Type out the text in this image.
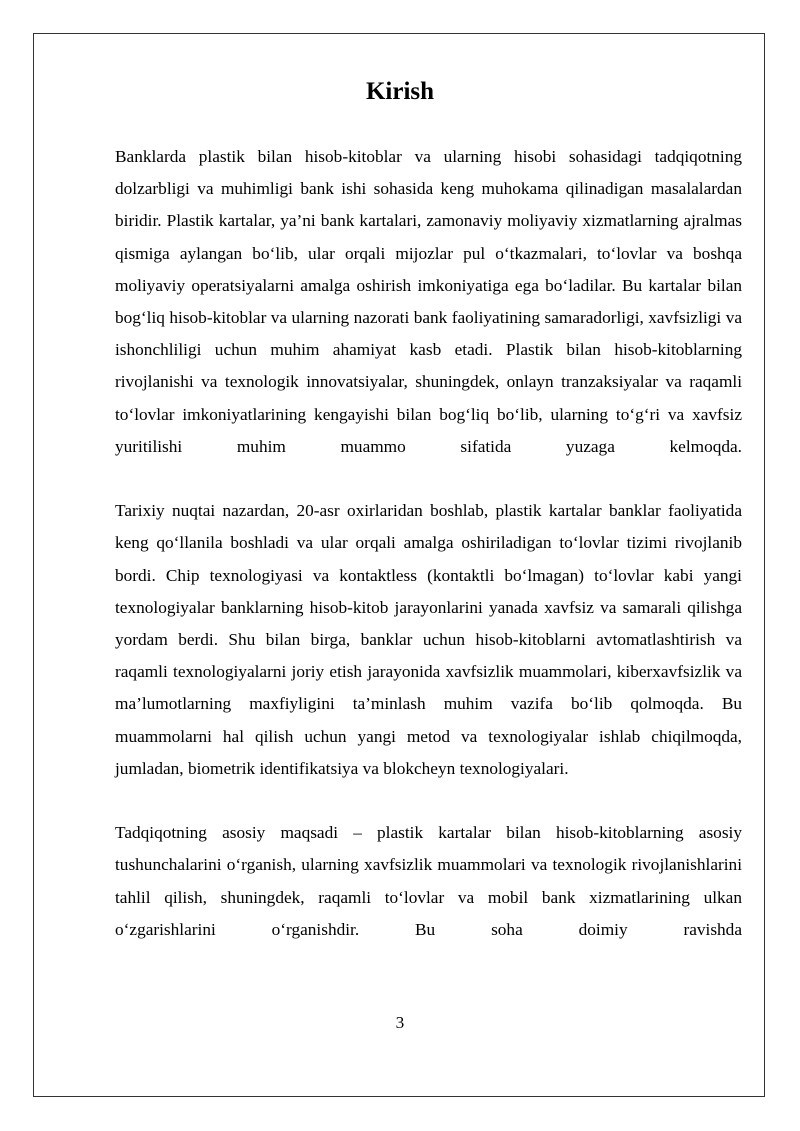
Kirish

Banklarda plastik bilan hisob-kitoblar va ularning hisobi sohasidagi tadqiqotning dolzarbligi va muhimligi bank ishi sohasida keng muhokama qilinadigan masalalardan biridir. Plastik kartalar, ya’ni bank kartalari, zamonaviy moliyaviy xizmatlarning ajralmas qismiga aylangan bo‘lib, ular orqali mijozlar pul o‘tkazmalari, to‘lovlar va boshqa moliyaviy operatsiyalarni amalga oshirish imkoniyatiga ega bo‘ladilar. Bu kartalar bilan bog‘liq hisob-kitoblar va ularning nazorati bank faoliyatining samaradorligi, xavfsizligi va ishonchliligi uchun muhim ahamiyat kasb etadi. Plastik bilan hisob-kitoblarning rivojlanishi va texnologik innovatsiyalar, shuningdek, onlayn tranzaksiyalar va raqamli to‘lovlar imkoniyatlarining kengayishi bilan bog‘liq bo‘lib, ularning to‘g‘ri va xavfsiz yuritilishi muhim muammo sifatida yuzaga kelmoqda.

Tarixiy nuqtai nazardan, 20-asr oxirlaridan boshlab, plastik kartalar banklar faoliyatida keng qo‘llanila boshladi va ular orqali amalga oshiriladigan to‘lovlar tizimi rivojlanib bordi. Chip texnologiyasi va kontaktless (kontaktli bo‘lmagan) to‘lovlar kabi yangi texnologiyalar banklarning hisob-kitob jarayonlarini yanada xavfsiz va samarali qilishga yordam berdi. Shu bilan birga, banklar uchun hisob-kitoblarni avtomatlashtirish va raqamli texnologiyalarni joriy etish jarayonida xavfsizlik muammolari, kiberxavfsizlik va ma’lumotlarning maxfiyligini ta’minlash muhim vazifa bo‘lib qolmoqda. Bu muammolarni hal qilish uchun yangi metod va texnologiyalar ishlab chiqilmoqda, jumladan, biometrik identifikatsiya va blokcheyn texnologiyalari.

Tadqiqotning asosiy maqsadi – plastik kartalar bilan hisob-kitoblarning asosiy tushunchalarini o‘rganish, ularning xavfsizlik muammolari va texnologik rivojlanishlarini tahlil qilish, shuningdek, raqamli to‘lovlar va mobil bank xizmatlarining ulkan o‘zgarishlarini o‘rganishdir. Bu soha doimiy ravishda

3
